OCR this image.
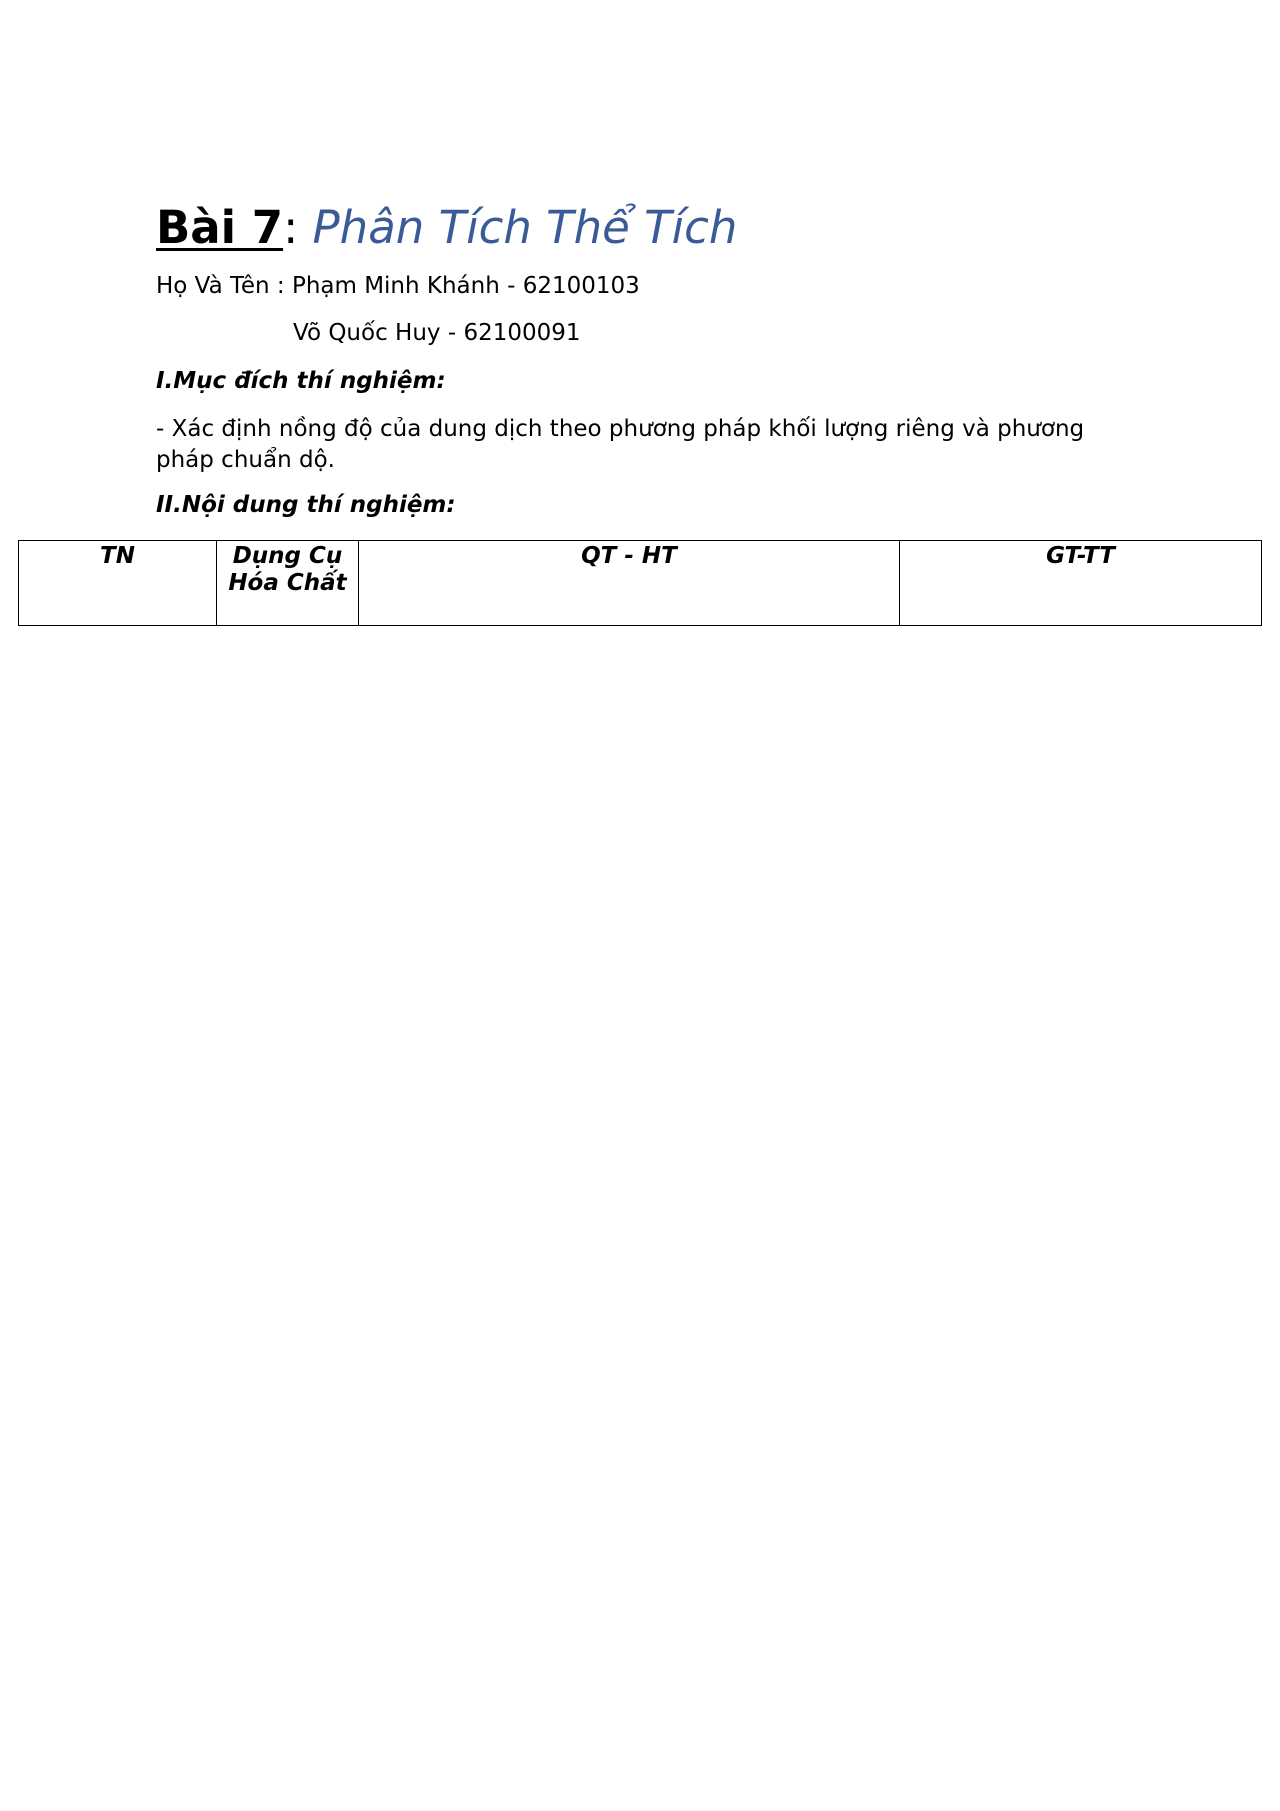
Bài 7: Phân Tích Thể Tích
Họ Và Tên : Phạm Minh Khánh - 62100103
Võ Quốc Huy - 62100091
I.Mục đích thí nghiệm:
- Xác định nồng độ của dung dịch theo phương pháp khối lượng riêng và phương pháp chuẩn dộ.
II.Nội dung thí nghiệm:
TN	Dụng Cụ Hóa Chất	QT - HT	GT-TT
